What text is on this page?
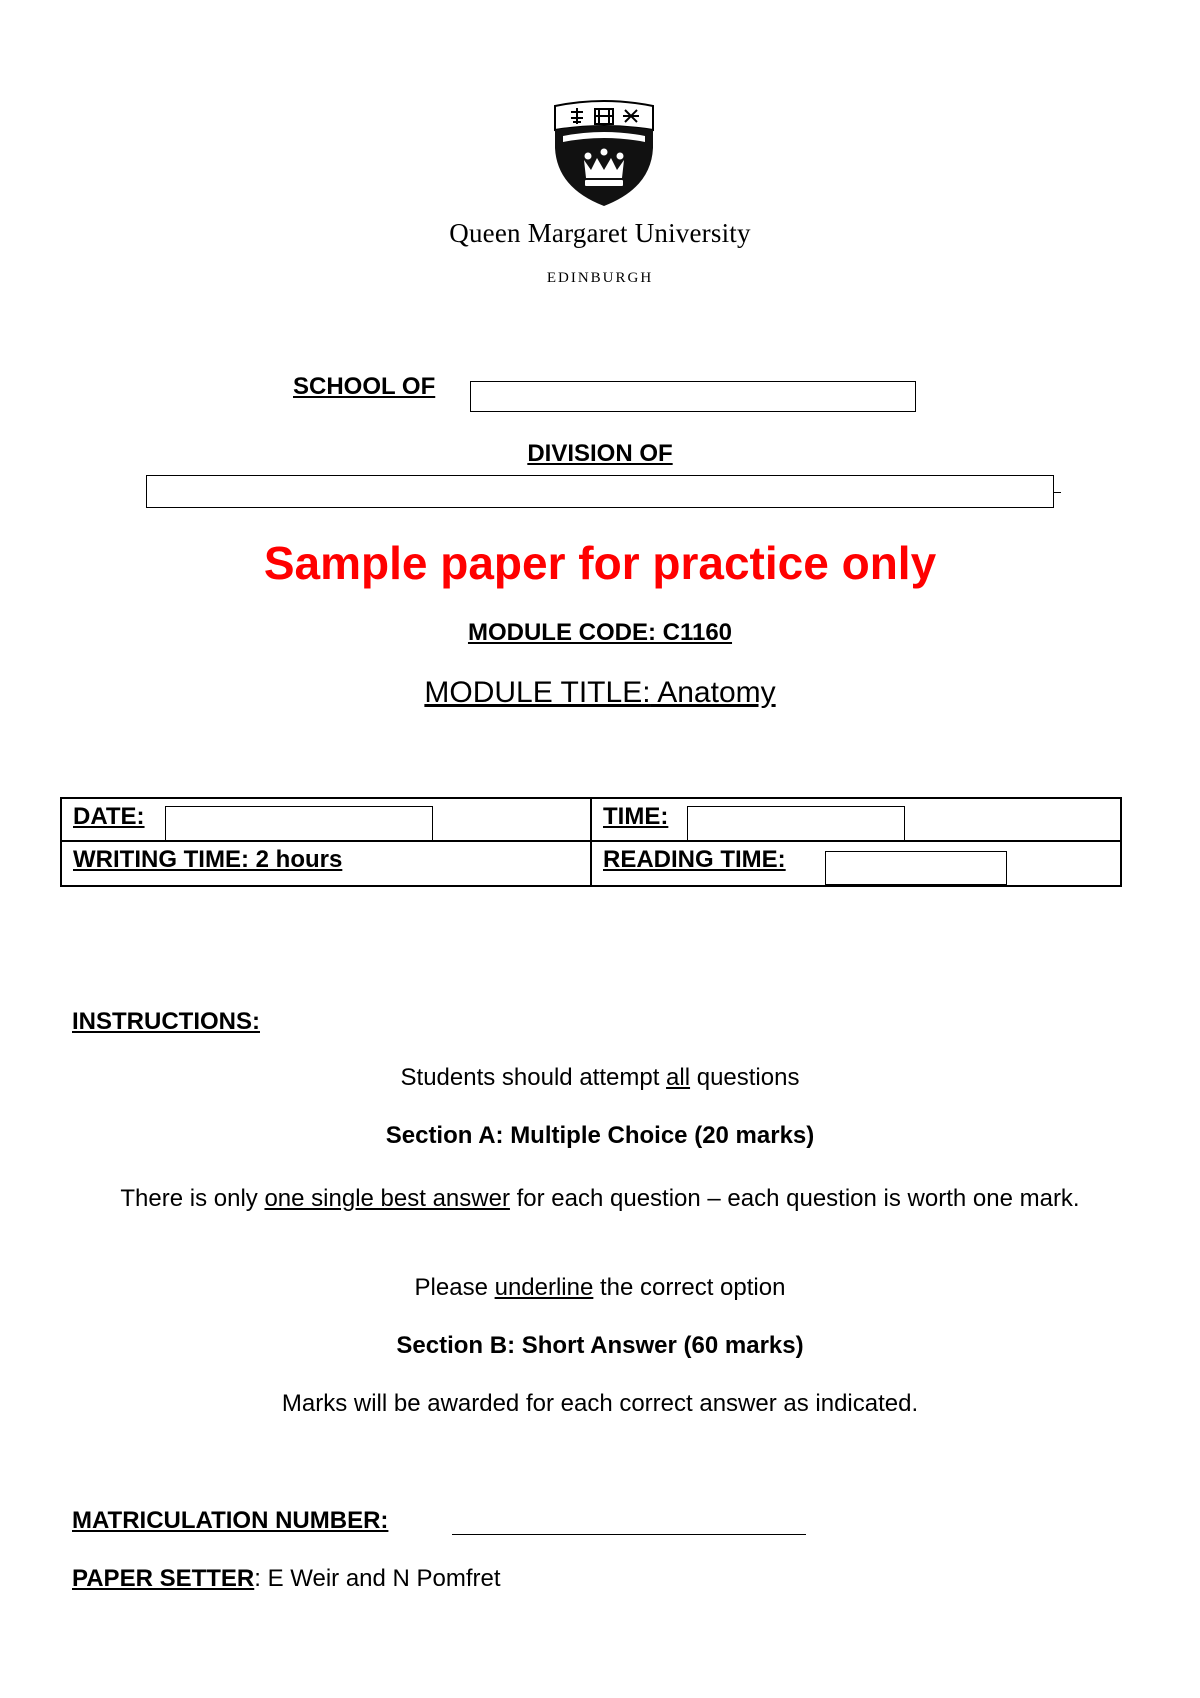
Queen Margaret University
EDINBURGH
SCHOOL OF
DIVISION OF
Sample paper for practice only
MODULE CODE: C1160
MODULE TITLE: Anatomy
DATE:	TIME:
WRITING TIME: 2 hours	READING TIME:
INSTRUCTIONS:
Students should attempt all questions
Section A: Multiple Choice (20 marks)
There is only one single best answer for each question – each question is worth one mark.
Please underline the correct option
Section B: Short Answer (60 marks)
Marks will be awarded for each correct answer as indicated.
MATRICULATION NUMBER:
PAPER SETTER: E Weir and N Pomfret
